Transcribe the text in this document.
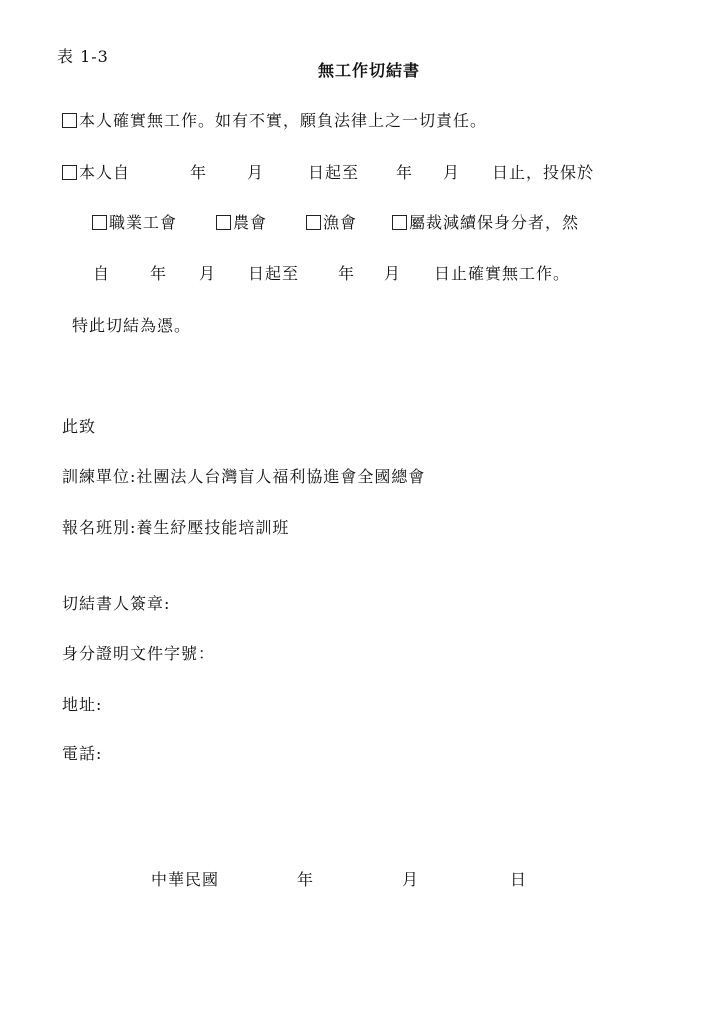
表 1-3
無工作切結書
本人確實無工作。如有不實，願負法律上之一切責任。
本人自	年 月	日起至 年 月 日止，投保於
職業工會	農會	漁會	屬裁減續保身分者，然
自 年 月 日起至 年 月 日止確實無工作。
特此切結為憑。
此致
訓練單位:社團法人台灣盲人福利協進會全國總會
報名班別:養生紓壓技能培訓班
切結書人簽章:
身分證明文件字號：
地址:
電話:
中華民國	年	月	日
